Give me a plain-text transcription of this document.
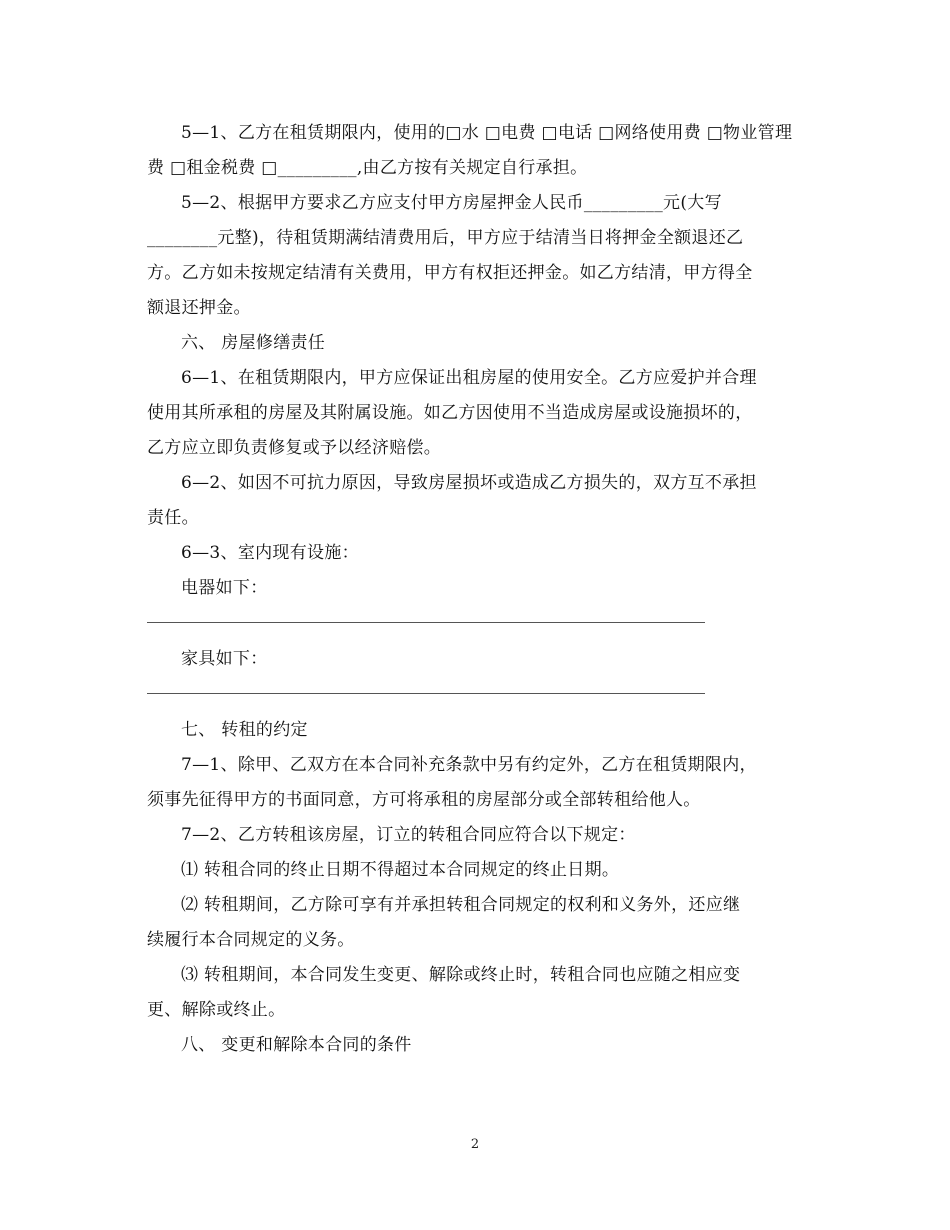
5—1、乙方在租赁期限内，使用的□水 □电费 □电话 □网络使用费 □物业管理

费 □租金税费 □_________,由乙方按有关规定自行承担。

5—2、根据甲方要求乙方应支付甲方房屋押金人民币_________元(大写

________元整)，待租赁期满结清费用后，甲方应于结清当日将押金全额退还乙

方。乙方如未按规定结清有关费用，甲方有权拒还押金。如乙方结清，甲方得全

额退还押金。

六、 房屋修缮责任

6—1、在租赁期限内，甲方应保证出租房屋的使用安全。乙方应爱护并合理

使用其所承租的房屋及其附属设施。如乙方因使用不当造成房屋或设施损坏的，

乙方应立即负责修复或予以经济赔偿。

6—2、如因不可抗力原因，导致房屋损坏或造成乙方损失的，双方互不承担

责任。

6—3、室内现有设施：

电器如下：

家具如下：

七、 转租的约定

7—1、除甲、乙双方在本合同补充条款中另有约定外，乙方在租赁期限内，

须事先征得甲方的书面同意，方可将承租的房屋部分或全部转租给他人。

7—2、乙方转租该房屋，订立的转租合同应符合以下规定：

⑴ 转租合同的终止日期不得超过本合同规定的终止日期。

⑵ 转租期间，乙方除可享有并承担转租合同规定的权利和义务外，还应继

续履行本合同规定的义务。

⑶ 转租期间，本合同发生变更、解除或终止时，转租合同也应随之相应变

更、解除或终止。

八、 变更和解除本合同的条件

2
